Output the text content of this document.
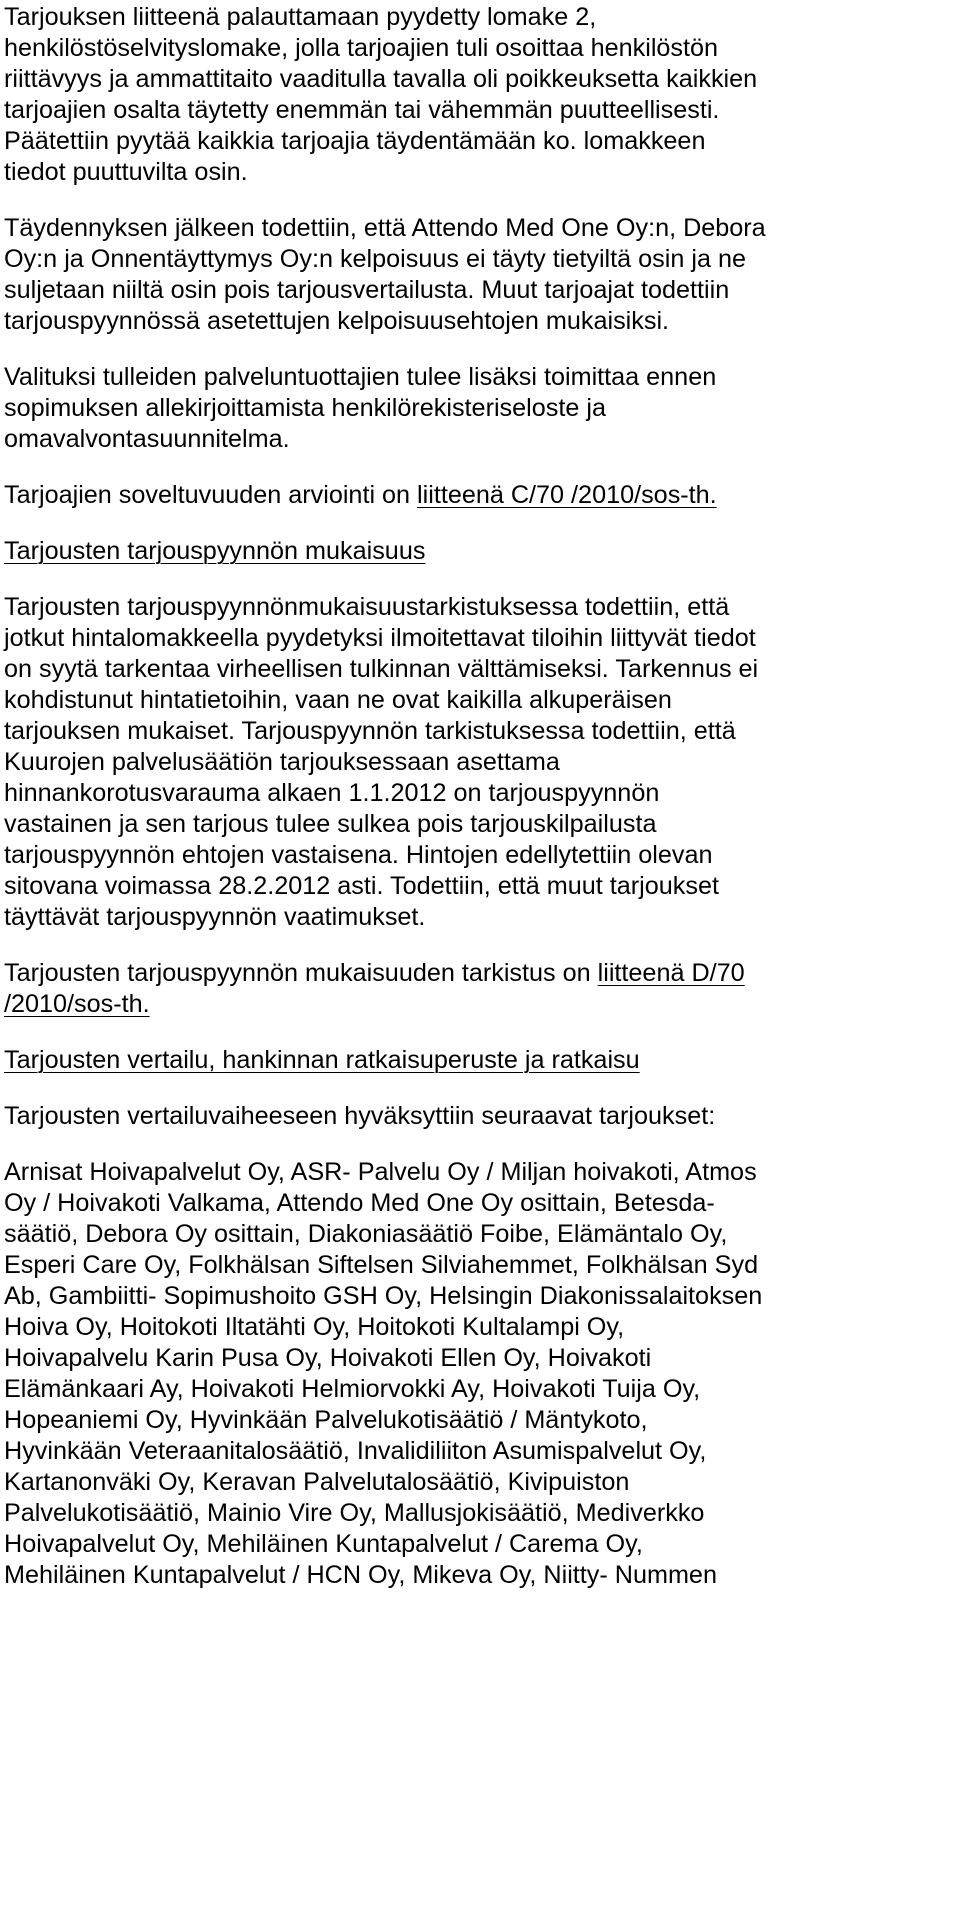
Tarjouksen liitteenä palauttamaan pyydetty lomake 2,
henkilöstöselvityslomake, jolla tarjoajien tuli osoittaa henkilöstön
riittävyys ja ammattitaito vaaditulla tavalla oli poikkeuksetta kaikkien
tarjoajien osalta täytetty enemmän tai vähemmän puutteellisesti.
Päätettiin pyytää kaikkia tarjoajia täydentämään ko. lomakkeen
tiedot puuttuvilta osin.
Täydennyksen jälkeen todettiin, että Attendo Med One Oy:n, Debora
Oy:n ja Onnentäyttymys Oy:n kelpoisuus ei täyty tietyiltä osin ja ne
suljetaan niiltä osin pois tarjousvertailusta. Muut tarjoajat todettiin
tarjouspyynnössä asetettujen kelpoisuusehtojen mukaisiksi.
Valituksi tulleiden palveluntuottajien tulee lisäksi toimittaa ennen
sopimuksen allekirjoittamista henkilörekisteriseloste ja
omavalvontasuunnitelma.
Tarjoajien soveltuvuuden arviointi on liitteenä C/70 /2010/sos-th.
Tarjousten tarjouspyynnön mukaisuus
Tarjousten tarjouspyynnönmukaisuustarkistuksessa todettiin, että
jotkut hintalomakkeella pyydetyksi ilmoitettavat tiloihin liittyvät tiedot
on syytä tarkentaa virheellisen tulkinnan välttämiseksi. Tarkennus ei
kohdistunut hintatietoihin, vaan ne ovat kaikilla alkuperäisen
tarjouksen mukaiset. Tarjouspyynnön tarkistuksessa todettiin, että
Kuurojen palvelusäätiön tarjouksessaan asettama
hinnankorotusvarauma alkaen 1.1.2012 on tarjouspyynnön
vastainen ja sen tarjous tulee sulkea pois tarjouskilpailusta
tarjouspyynnön ehtojen vastaisena. Hintojen edellytettiin olevan
sitovana voimassa 28.2.2012 asti. Todettiin, että muut tarjoukset
täyttävät tarjouspyynnön vaatimukset.
Tarjousten tarjouspyynnön mukaisuuden tarkistus on liitteenä D/70
/2010/sos-th.
Tarjousten vertailu, hankinnan ratkaisuperuste ja ratkaisu
Tarjousten vertailuvaiheeseen hyväksyttiin seuraavat tarjoukset:
Arnisat Hoivapalvelut Oy, ASR- Palvelu Oy / Miljan hoivakoti, Atmos
Oy / Hoivakoti Valkama, Attendo Med One Oy osittain, Betesda-
säätiö, Debora Oy osittain, Diakoniasäätiö Foibe, Elämäntalo Oy,
Esperi Care Oy, Folkhälsan Siftelsen Silviahemmet, Folkhälsan Syd
Ab, Gambiitti- Sopimushoito GSH Oy, Helsingin Diakonissalaitoksen
Hoiva Oy, Hoitokoti Iltatähti Oy, Hoitokoti Kultalampi Oy,
Hoivapalvelu Karin Pusa Oy, Hoivakoti Ellen Oy, Hoivakoti
Elämänkaari Ay, Hoivakoti Helmiorvokki Ay, Hoivakoti Tuija Oy,
Hopeaniemi Oy, Hyvinkään Palvelukotisäätiö / Mäntykoto,
Hyvinkään Veteraanitalosäätiö, Invalidiliiton Asumispalvelut Oy,
Kartanonväki Oy, Keravan Palvelutalosäätiö, Kivipuiston
Palvelukotisäätiö, Mainio Vire Oy, Mallusjokisäätiö, Mediverkko
Hoivapalvelut Oy, Mehiläinen Kuntapalvelut / Carema Oy,
Mehiläinen Kuntapalvelut / HCN Oy, Mikeva Oy, Niitty- Nummen
